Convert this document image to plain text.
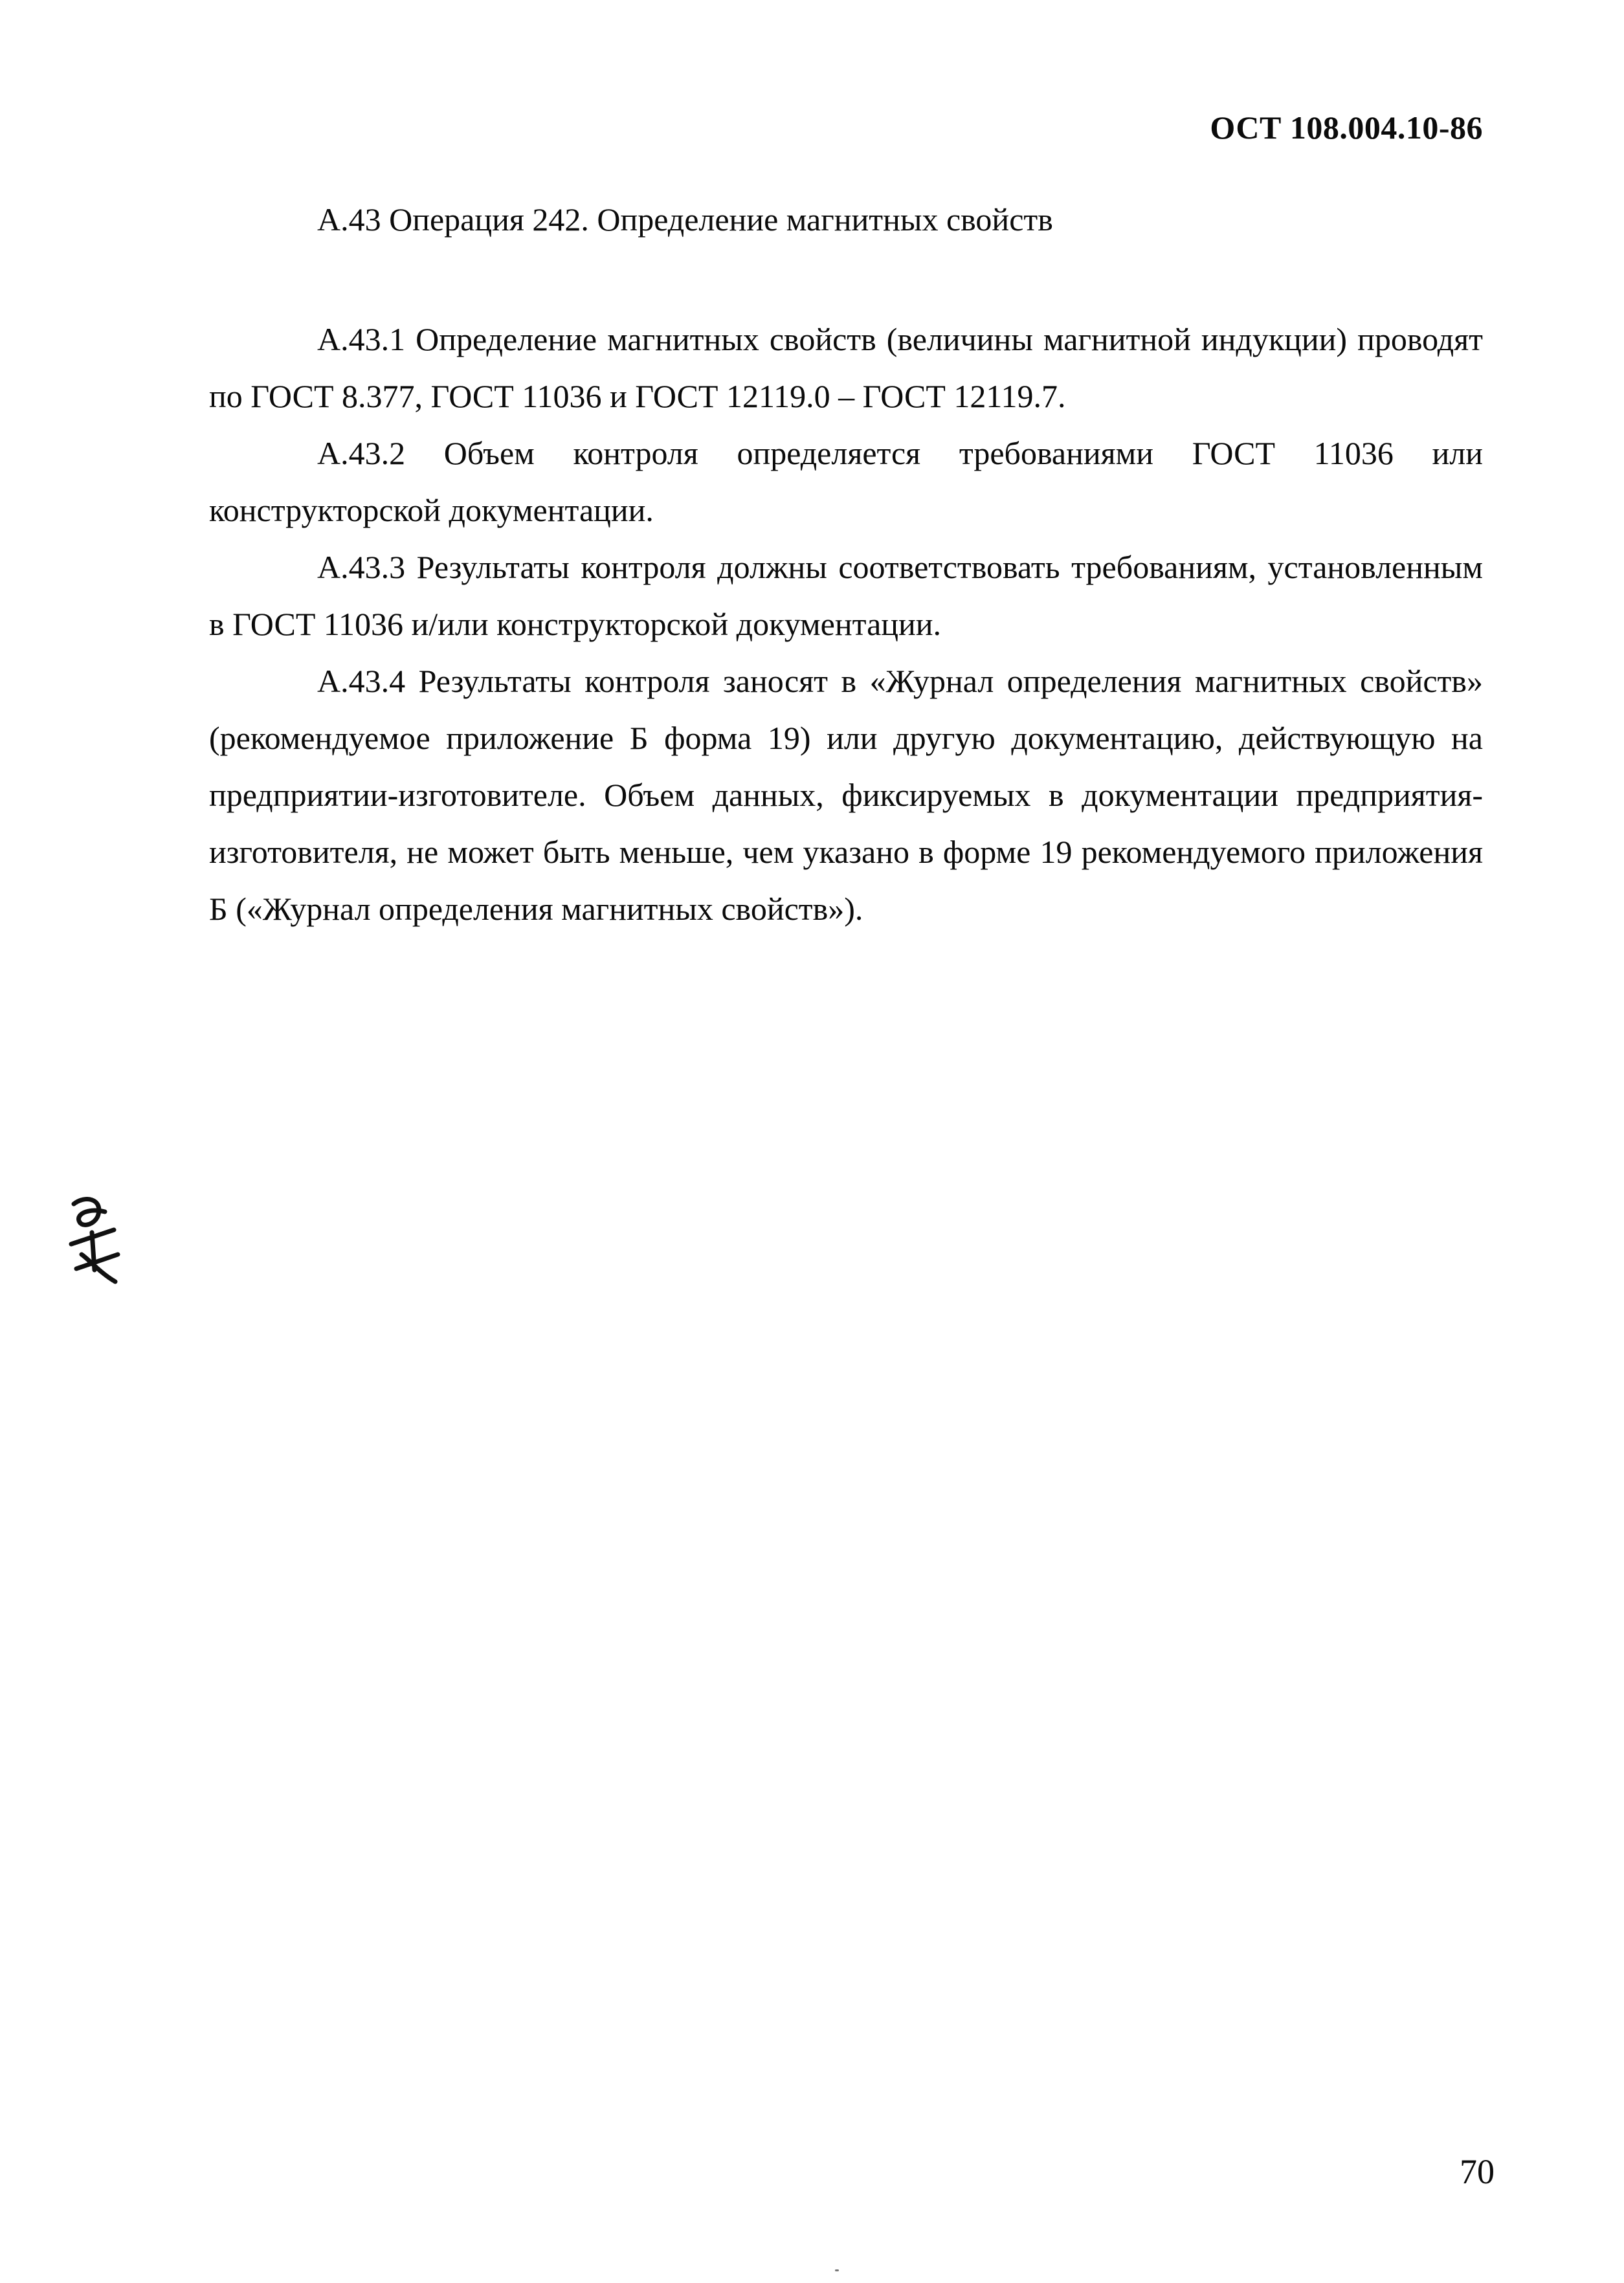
ОСТ 108.004.10-86
А.43 Операция 242. Определение магнитных свойств

А.43.1 Определение магнитных свойств (величины магнитной индукции) проводят по ГОСТ 8.377, ГОСТ 11036 и ГОСТ 12119.0 – ГОСТ 12119.7.

А.43.2 Объем контроля определяется требованиями ГОСТ 11036 или конструкторской документации.

А.43.3 Результаты контроля должны соответствовать требованиям, установленным в ГОСТ 11036 и/или конструкторской документации.

А.43.4 Результаты контроля заносят в «Журнал определения магнитных свойств» (рекомендуемое приложение Б форма 19) или другую документацию, действующую на предприятии-изготовителе. Объем данных, фиксируемых в документации предприятия-изготовителя, не может быть меньше, чем указано в форме 19 рекомендуемого приложения Б («Журнал определения магнитных свойств»).

70
